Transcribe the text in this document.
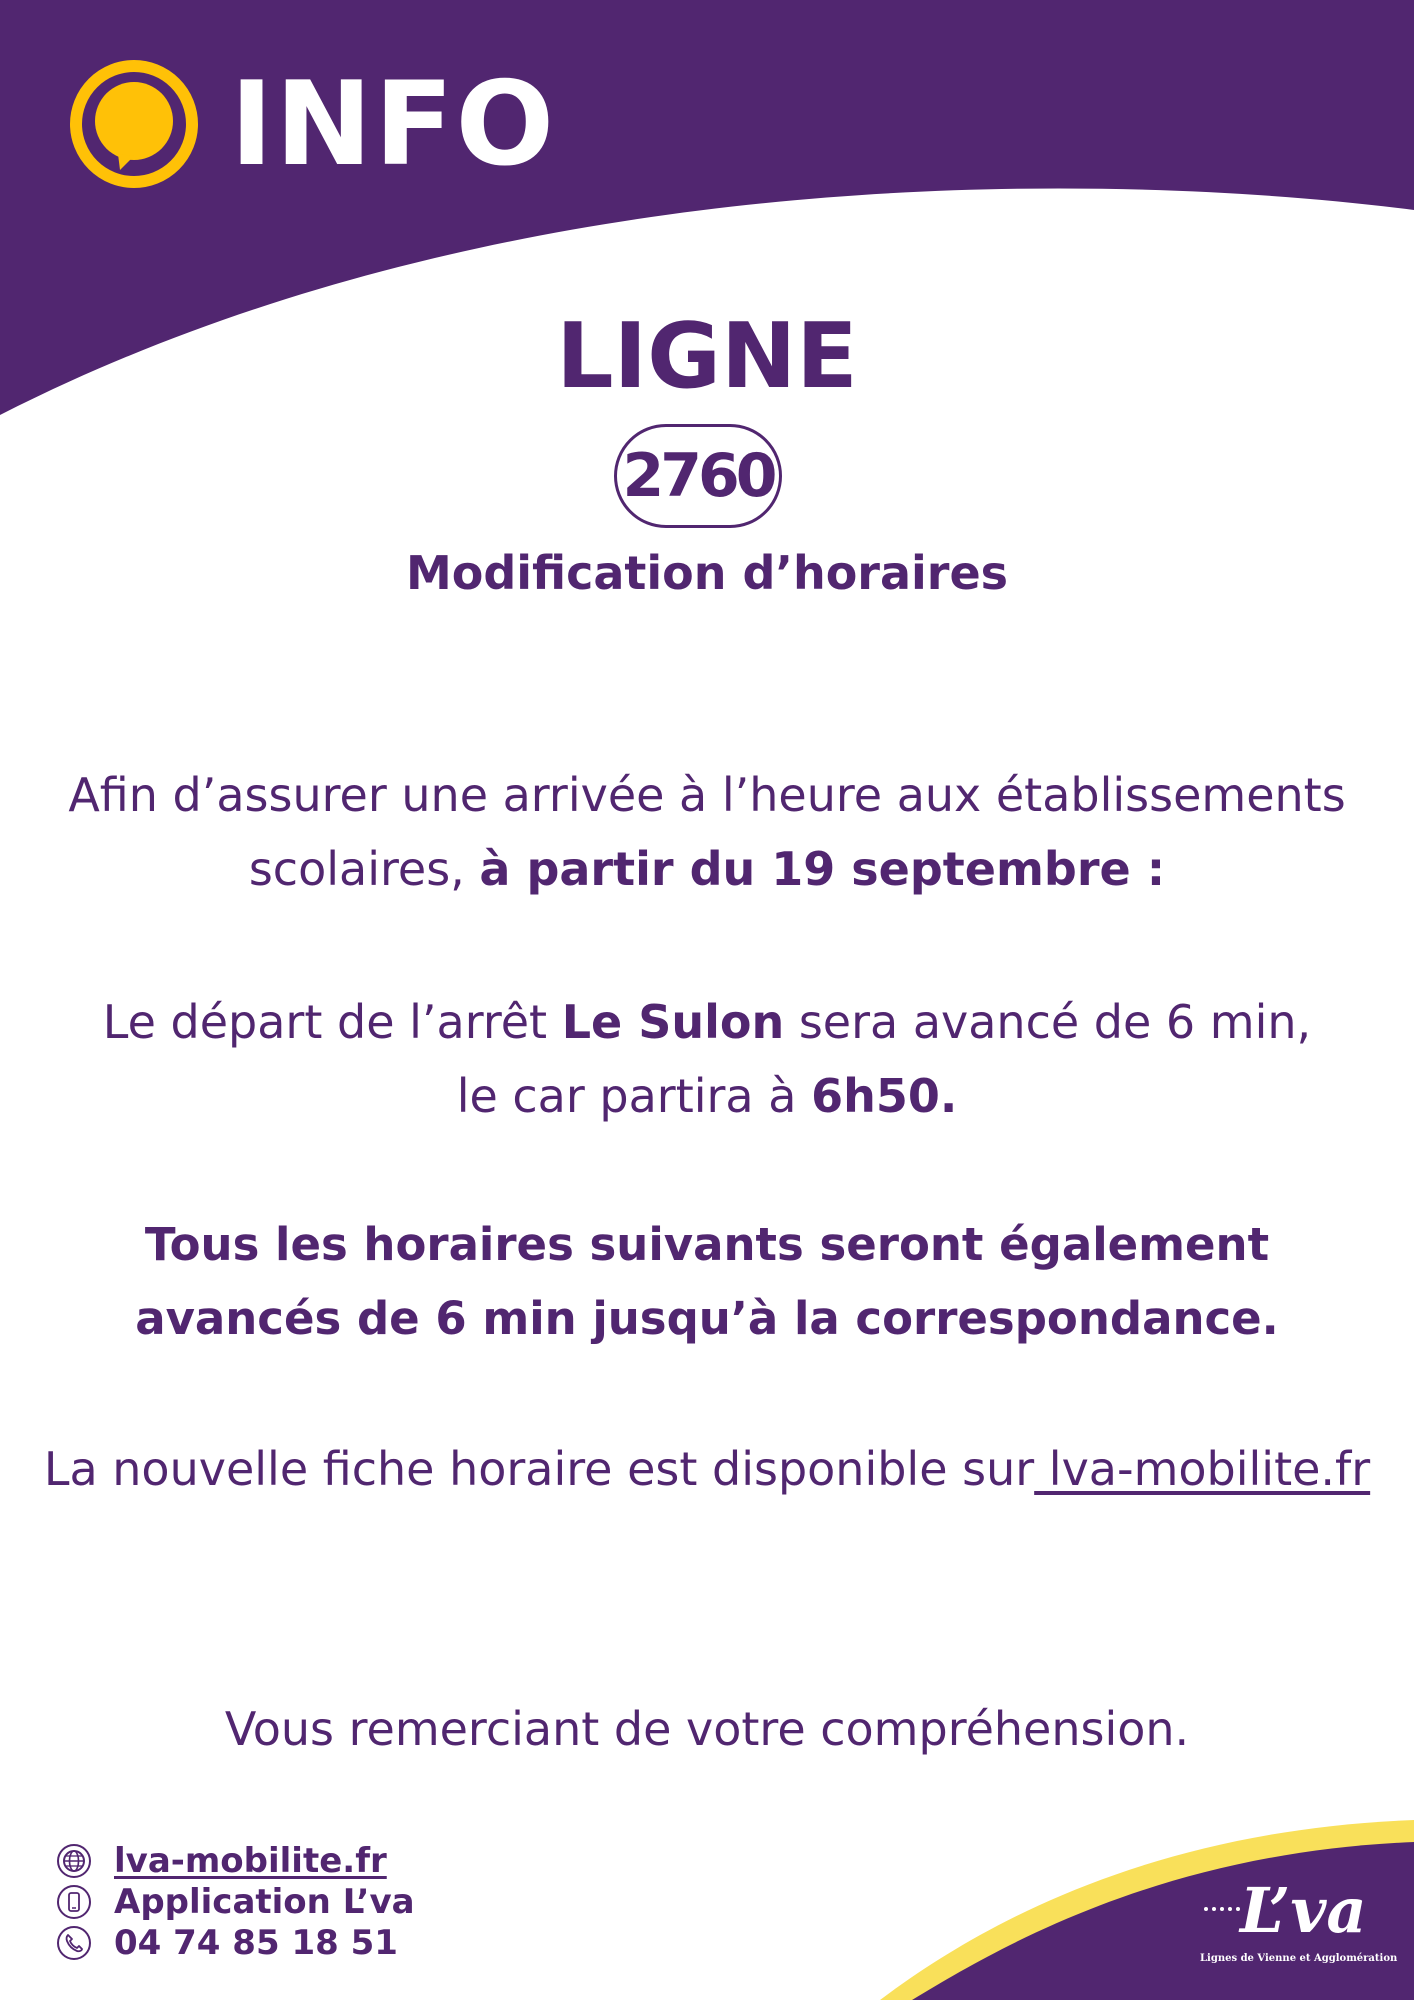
INFO
LIGNE
2760
Modification d’horaires
Afin d’assurer une arrivée à l’heure aux établissements
scolaires, à partir du 19 septembre :
Le départ de l’arrêt Le Sulon sera avancé de 6 min,
le car partira à 6h50.
Tous les horaires suivants seront également
avancés de 6 min jusqu’à la correspondance.
La nouvelle fiche horaire est disponible sur lva-mobilite.fr
Vous remerciant de votre compréhension.
lva-mobilite.fr
Application L’va
04 74 85 18 51	L’va
Lignes de Vienne et Agglomération
